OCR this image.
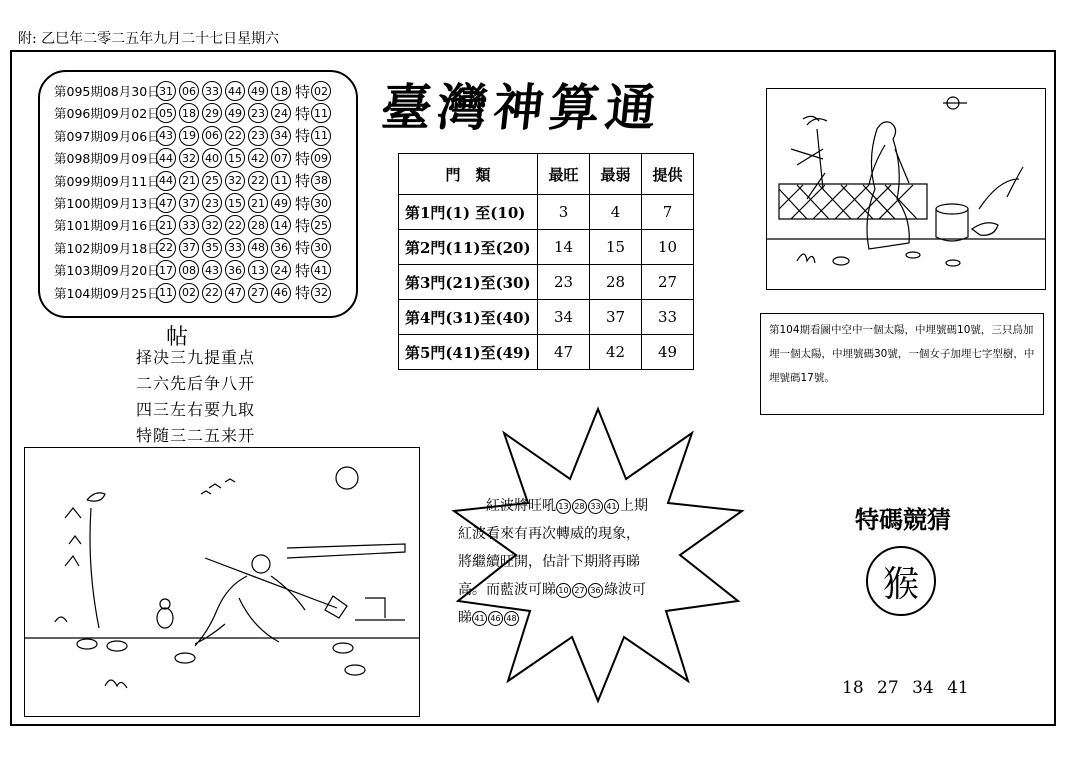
附: 乙巳年二零二五年九月二十七日星期六
第095期08月30日 31 06 33 44 49 18 特 02
第096期09月02日 05 18 29 49 23 24 特 11
第097期09月06日 43 19 06 22 23 34 特 11
第098期09月09日 44 32 40 15 42 07 特 09
第099期09月11日 44 21 25 32 22 11 特 38
第100期09月13日 47 37 23 15 21 49 特 30
第101期09月16日 21 33 32 22 28 14 特 25
第102期09月18日 22 37 35 33 48 36 特 30
第103期09月20日 17 08 43 36 13 24 特 41
第104期09月25日 11 02 22 47 27 46 特 32
帖
择决三九提重点
二六先后争八开
四三左右要九取
特随三二五来开
臺灣神算通
門　類	最旺	最弱	提供
第1門(1) 至(10)	3	4	7
第2門(11)至(20)	14	15	10
第3門(21)至(30)	23	28	27
第4門(31)至(40)	34	37	33
第5門(41)至(49)	47	42	49
第104期看圖中空中一個太陽，中埋號碼10號，三只鳥加埋一個太陽，中埋號碼30號，一個女子加埋七字型樹，中埋號碼17號。
紅波將旺吼 13 28 33 41 上期
紅波看來有再次轉威的現象，
將繼續旺開，估計下期將再睇
高。而藍波可睇 10 27 36 綠波可
睇 41 46 48
特碼競猜
猴
18 27 34 41
